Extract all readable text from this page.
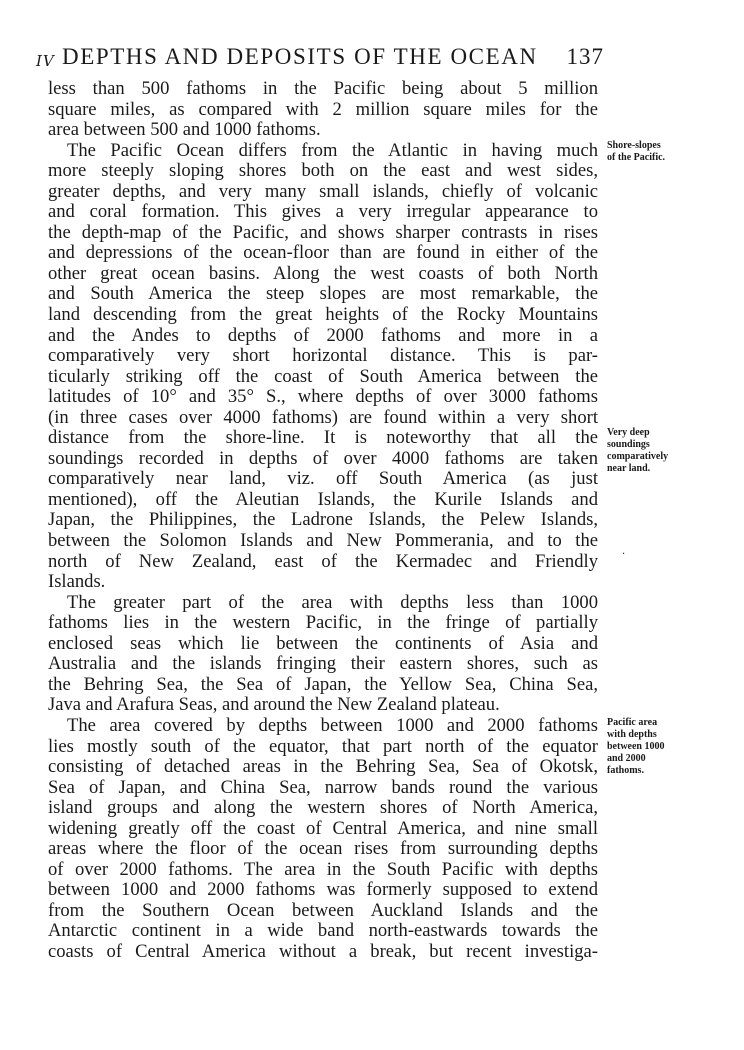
IV DEPTHS AND DEPOSITS OF THE OCEAN 137
less than 500 fathoms in the Pacific being about 5 million
square miles, as compared with 2 million square miles for the
area between 500 and 1000 fathoms.
The Pacific Ocean differs from the Atlantic in having much
more steeply sloping shores both on the east and west sides,
greater depths, and very many small islands, chiefly of volcanic
and coral formation. This gives a very irregular appearance to
the depth-map of the Pacific, and shows sharper contrasts in rises
and depressions of the ocean-floor than are found in either of the
other great ocean basins. Along the west coasts of both North
and South America the steep slopes are most remarkable, the
land descending from the great heights of the Rocky Mountains
and the Andes to depths of 2000 fathoms and more in a
comparatively very short horizontal distance. This is par-
ticularly striking off the coast of South America between the
latitudes of 10° and 35° S., where depths of over 3000 fathoms
(in three cases over 4000 fathoms) are found within a very short
distance from the shore-line. It is noteworthy that all the
soundings recorded in depths of over 4000 fathoms are taken
comparatively near land, viz. off South America (as just
mentioned), off the Aleutian Islands, the Kurile Islands and
Japan, the Philippines, the Ladrone Islands, the Pelew Islands,
between the Solomon Islands and New Pommerania, and to the
north of New Zealand, east of the Kermadec and Friendly
Islands.
The greater part of the area with depths less than 1000
fathoms lies in the western Pacific, in the fringe of partially
enclosed seas which lie between the continents of Asia and
Australia and the islands fringing their eastern shores, such as
the Behring Sea, the Sea of Japan, the Yellow Sea, China Sea,
Java and Arafura Seas, and around the New Zealand plateau.
The area covered by depths between 1000 and 2000 fathoms
lies mostly south of the equator, that part north of the equator
consisting of detached areas in the Behring Sea, Sea of Okotsk,
Sea of Japan, and China Sea, narrow bands round the various
island groups and along the western shores of North America,
widening greatly off the coast of Central America, and nine small
areas where the floor of the ocean rises from surrounding depths
of over 2000 fathoms. The area in the South Pacific with depths
between 1000 and 2000 fathoms was formerly supposed to extend
from the Southern Ocean between Auckland Islands and the
Antarctic continent in a wide band north-eastwards towards the
coasts of Central America without a break, but recent investiga-
Shore-slopes
of the Pacific.
Very deep
soundings
comparatively
near land.
Pacific area
with depths
between 1000
and 2000
fathoms.
·
